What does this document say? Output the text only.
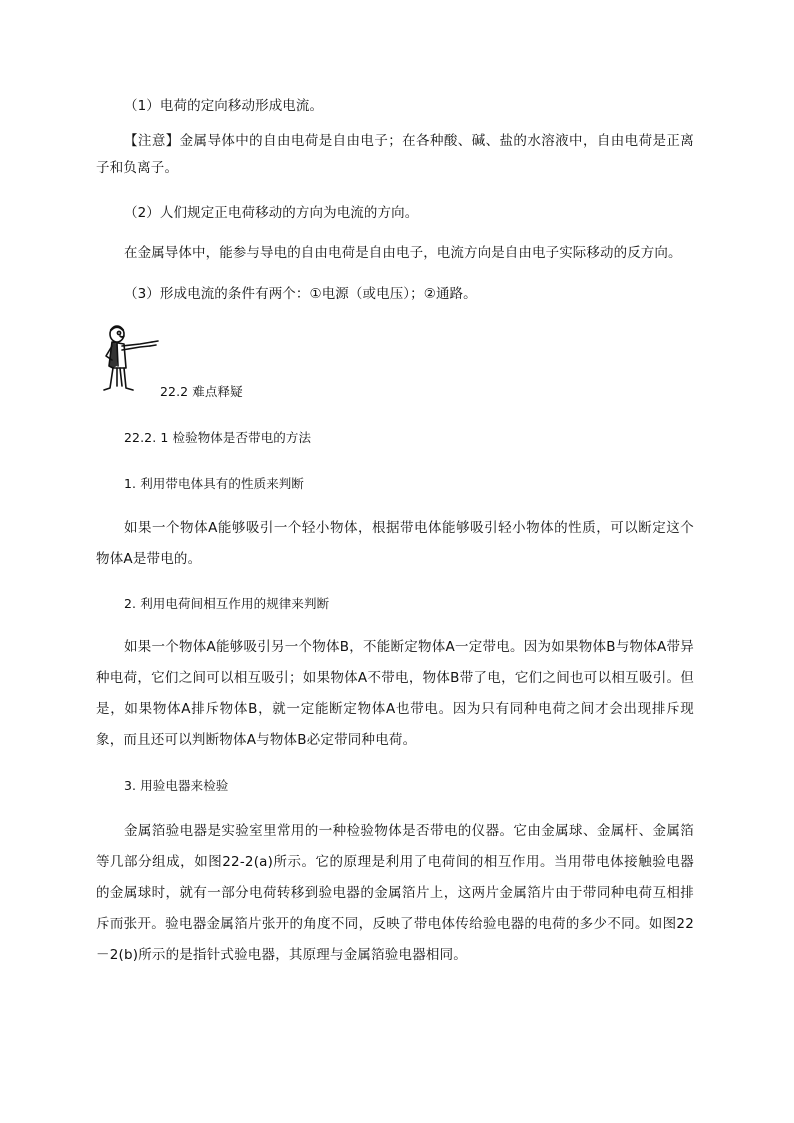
（1）电荷的定向移动形成电流。
【注意】金属导体中的自由电荷是自由电子；在各种酸、碱、盐的水溶液中，自由电荷是正离子和负离子。
（2）人们规定正电荷移动的方向为电流的方向。
在金属导体中，能参与导电的自由电荷是自由电子，电流方向是自由电子实际移动的反方向。
（3）形成电流的条件有两个：①电源（或电压）；②通路。
22.2 难点释疑
22.2. 1 检验物体是否带电的方法
1. 利用带电体具有的性质来判断
如果一个物体A能够吸引一个轻小物体，根据带电体能够吸引轻小物体的性质，可以断定这个物体A是带电的。
2. 利用电荷间相互作用的规律来判断
如果一个物体A能够吸引另一个物体B，不能断定物体A一定带电。因为如果物体B与物体A带异种电荷，它们之间可以相互吸引；如果物体A不带电，物体B带了电，它们之间也可以相互吸引。但是，如果物体A排斥物体B，就一定能断定物体A也带电。因为只有同种电荷之间才会出现排斥现象，而且还可以判断物体A与物体B必定带同种电荷。
3. 用验电器来检验
金属箔验电器是实验室里常用的一种检验物体是否带电的仪器。它由金属球、金属杆、金属箔等几部分组成，如图22-2(a)所示。它的原理是利用了电荷间的相互作用。当用带电体接触验电器的金属球时，就有一部分电荷转移到验电器的金属箔片上，这两片金属箔片由于带同种电荷互相排斥而张开。验电器金属箔片张开的角度不同，反映了带电体传给验电器的电荷的多少不同。如图22－2(b)所示的是指针式验电器，其原理与金属箔验电器相同。
